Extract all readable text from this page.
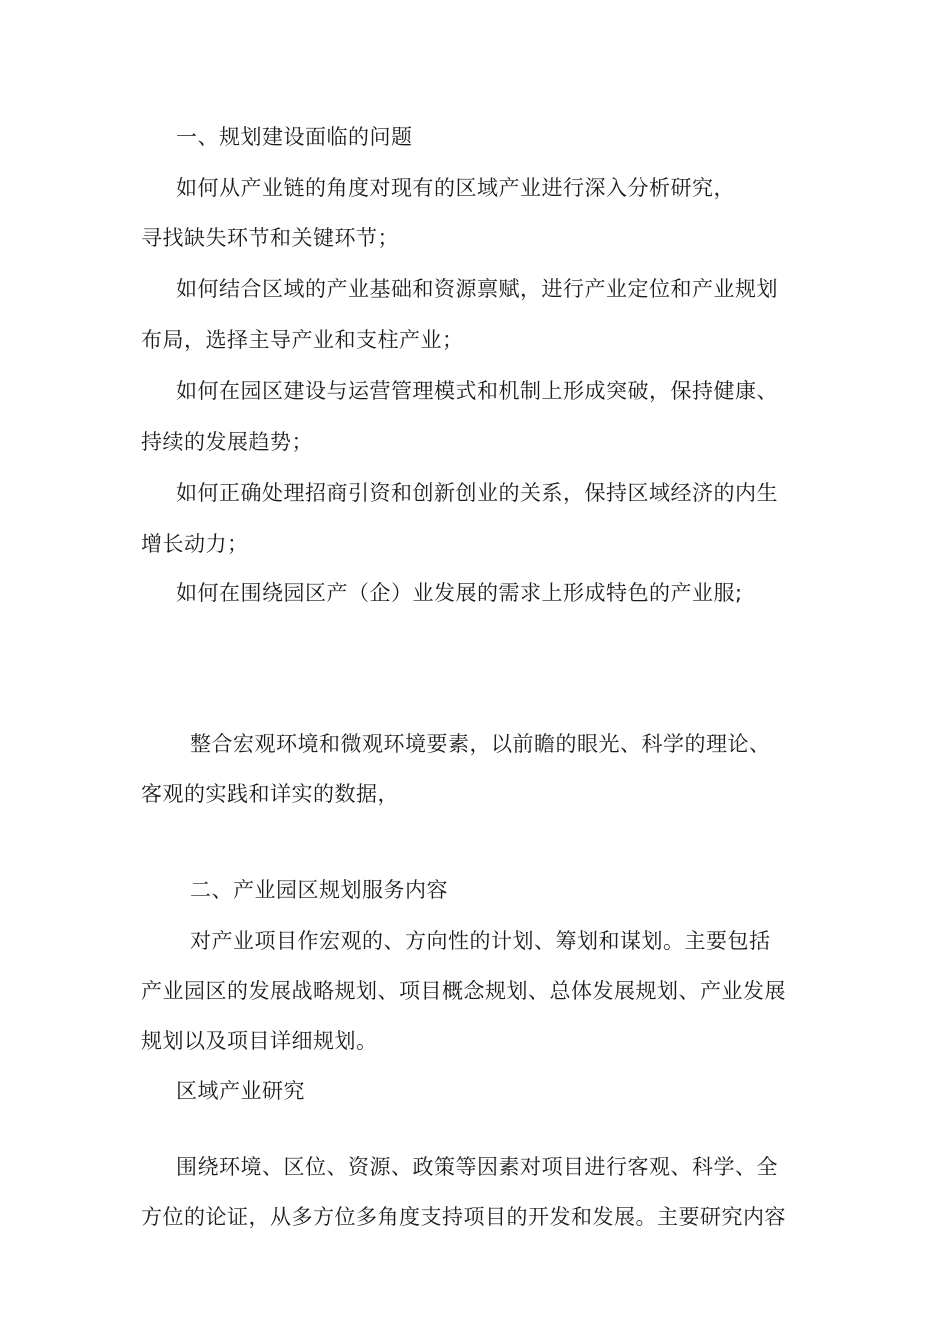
一、规划建设面临的问题
如何从产业链的角度对现有的区域产业进行深入分析研究，
寻找缺失环节和关键环节；
如何结合区域的产业基础和资源禀赋，进行产业定位和产业规划
布局，选择主导产业和支柱产业；
如何在园区建设与运营管理模式和机制上形成突破，保持健康、
持续的发展趋势；
如何正确处理招商引资和创新创业的关系，保持区域经济的内生
增长动力；
如何在围绕园区产（企）业发展的需求上形成特色的产业服;
整合宏观环境和微观环境要素，以前瞻的眼光、科学的理论、
客观的实践和详实的数据，
二、产业园区规划服务内容
对产业项目作宏观的、方向性的计划、筹划和谋划。主要包括
产业园区的发展战略规划、项目概念规划、总体发展规划、产业发展
规划以及项目详细规划。
区域产业研究
围绕环境、区位、资源、政策等因素对项目进行客观、科学、全
方位的论证，从多方位多角度支持项目的开发和发展。主要研究内容
